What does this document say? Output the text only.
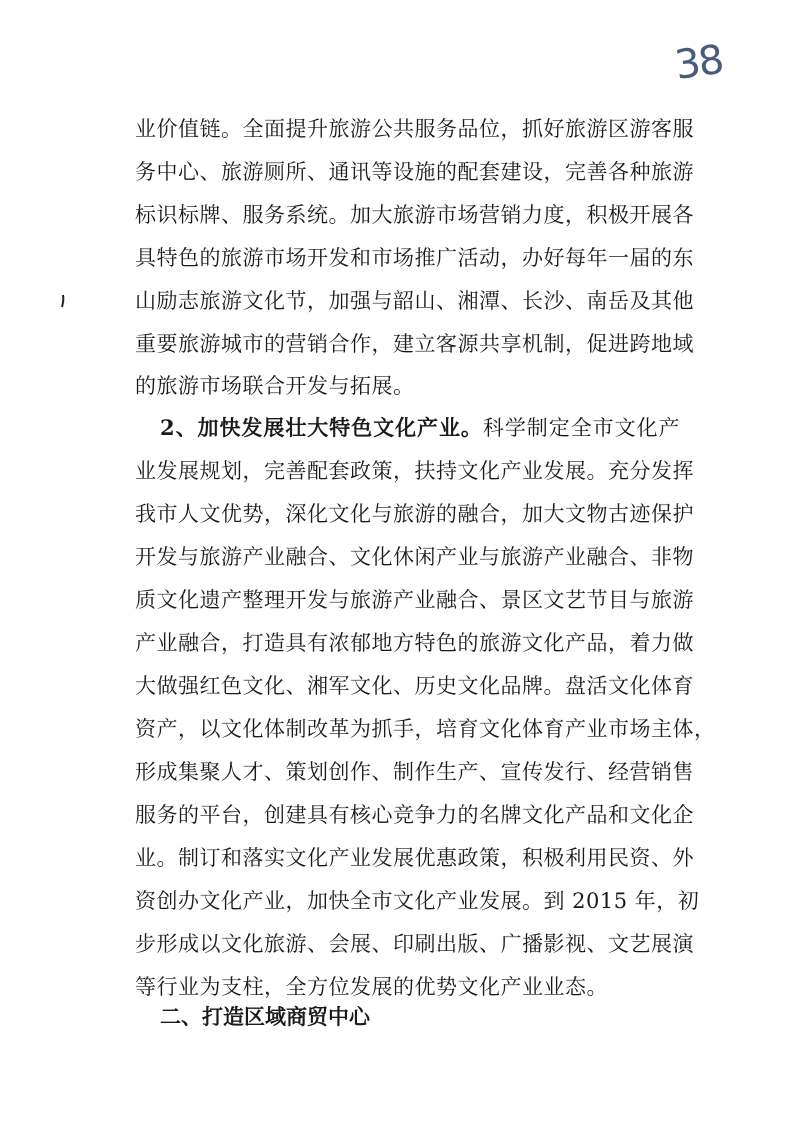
38
业价值链。全面提升旅游公共服务品位，抓好旅游区游客服
务中心、旅游厕所、通讯等设施的配套建设，完善各种旅游
标识标牌、服务系统。加大旅游市场营销力度，积极开展各
具特色的旅游市场开发和市场推广活动，办好每年一届的东
山励志旅游文化节，加强与韶山、湘潭、长沙、南岳及其他
重要旅游城市的营销合作，建立客源共享机制，促进跨地域
的旅游市场联合开发与拓展。
2、加快发展壮大特色文化产业。科学制定全市文化产
业发展规划，完善配套政策，扶持文化产业发展。充分发挥
我市人文优势，深化文化与旅游的融合，加大文物古迹保护
开发与旅游产业融合、文化休闲产业与旅游产业融合、非物
质文化遗产整理开发与旅游产业融合、景区文艺节目与旅游
产业融合，打造具有浓郁地方特色的旅游文化产品，着力做
大做强红色文化、湘军文化、历史文化品牌。盘活文化体育
资产，以文化体制改革为抓手，培育文化体育产业市场主体，
形成集聚人才、策划创作、制作生产、宣传发行、经营销售
服务的平台，创建具有核心竞争力的名牌文化产品和文化企
业。制订和落实文化产业发展优惠政策，积极利用民资、外
资创办文化产业，加快全市文化产业发展。到 2015 年，初
步形成以文化旅游、会展、印刷出版、广播影视、文艺展演
等行业为支柱，全方位发展的优势文化产业业态。
二、打造区域商贸中心
